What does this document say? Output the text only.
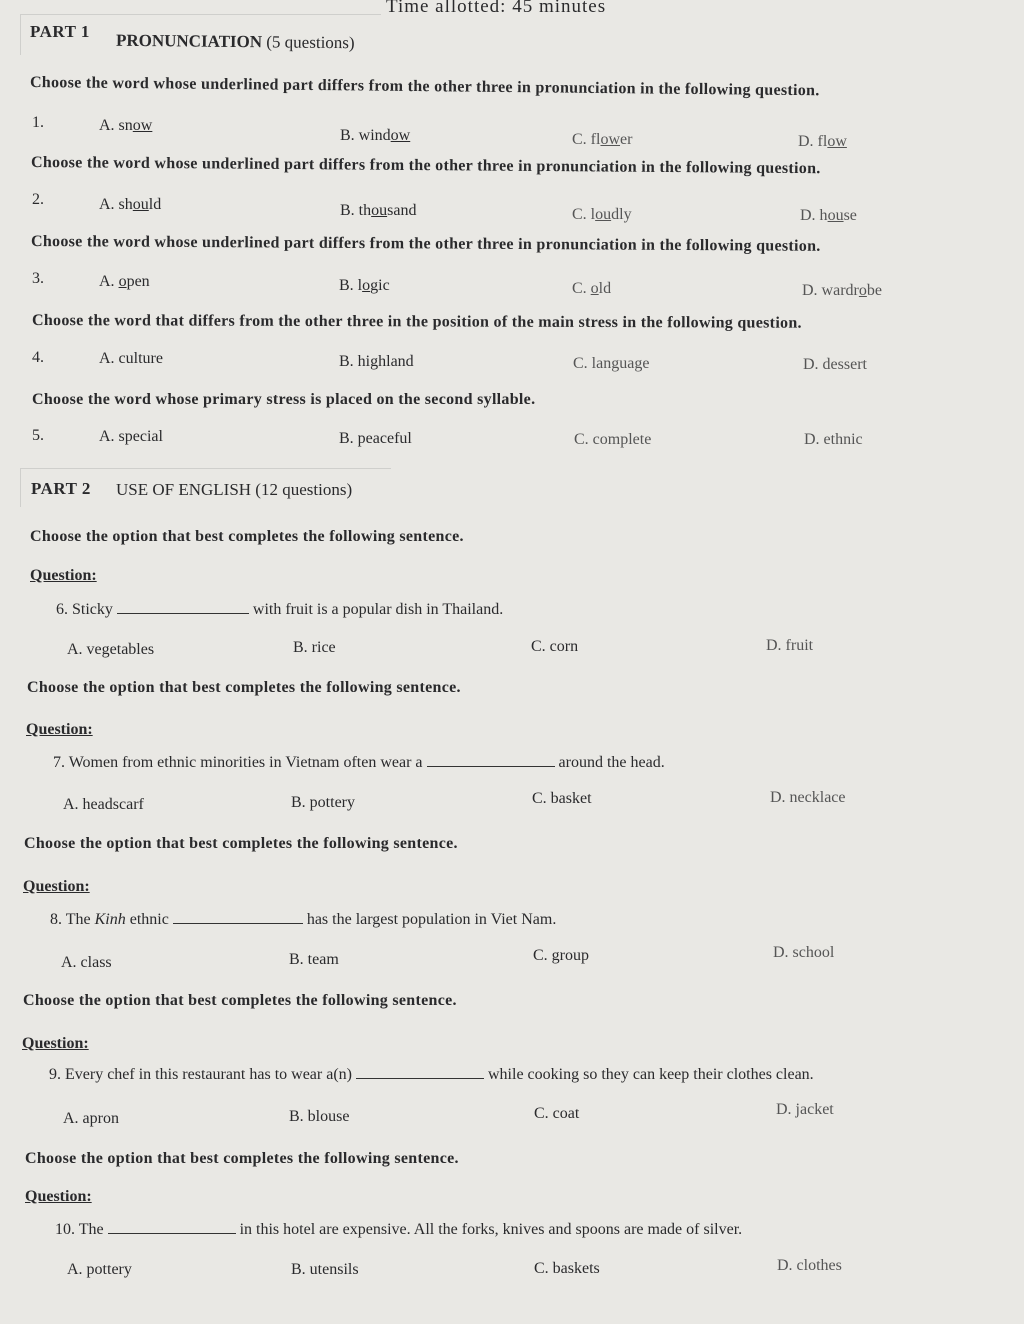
Time allotted: 45 minutes
PART 1 PRONUNCIATION (5 questions)
Choose the word whose underlined part differs from the other three in pronunciation in the following question.
1.	A. snow
B. window	C. flower	D. flow
Choose the word whose underlined part differs from the other three in pronunciation in the following question.
2.	A. should	B. thousand	C. loudly	D. house
Choose the word whose underlined part differs from the other three in pronunciation in the following question.
3.	A. open	B. logic	C. old	D. wardrobe
Choose the word that differs from the other three in the position of the main stress in the following question.
4.	A. culture	B. highland	C. language	D. dessert
Choose the word whose primary stress is placed on the second syllable.
5.	A. special	B. peaceful	C. complete	D. ethnic
PART 2 USE OF ENGLISH (12 questions)
Choose the option that best completes the following sentence.
Question:
6. Sticky	with fruit is a popular dish in Thailand.
A. vegetables	B. rice	C. corn	D. fruit
Choose the option that best completes the following sentence.
Question:
7. Women from ethnic minorities in Vietnam often wear a	around the head.
A. headscarf	B. pottery	C. basket	D. necklace
Choose the option that best completes the following sentence.
Question:
8. The Kinh ethnic	has the largest population in Viet Nam.
A. class	B. team	C. group	D. school
Choose the option that best completes the following sentence.
Question:
9. Every chef in this restaurant has to wear a(n)	while cooking so they can keep their clothes clean.
A. apron	B. blouse	C. coat	D. jacket
Choose the option that best completes the following sentence.
Question:
10. The	in this hotel are expensive. All the forks, knives and spoons are made of silver.
A. pottery	B. utensils	C. baskets	D. clothes
